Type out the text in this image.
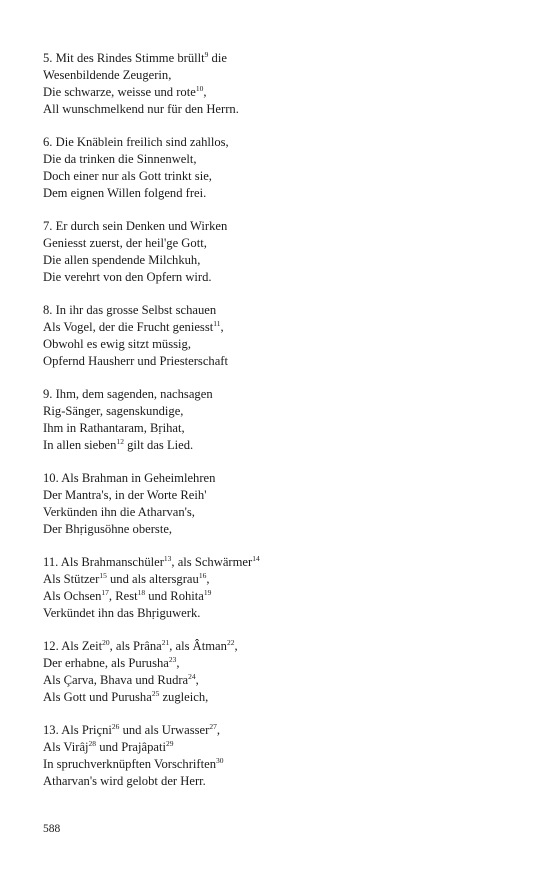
5. Mit des Rindes Stimme brüllt$^9$ die
Wesenbildende Zeugerin,
Die schwarze, weisse und rote$^{10}$,
All wunschmelkend nur für den Herrn.
6. Die Knäblein freilich sind zahllos,
Die da trinken die Sinnenwelt,
Doch einer nur als Gott trinkt sie,
Dem eignen Willen folgend frei.
7. Er durch sein Denken und Wirken
Geniesst zuerst, der heil'ge Gott,
Die allen spendende Milchkuh,
Die verehrt von den Opfern wird.
8. In ihr das grosse Selbst schauen
Als Vogel, der die Frucht geniesst$^{11}$,
Obwohl es ewig sitzt müssig,
Opfernd Hausherr und Priesterschaft
9. Ihm, dem sagenden, nachsagen
Rig-Sänger, sagenskundige,
Ihm in Rathantaram, Bṛihat,
In allen sieben$^{12}$ gilt das Lied.
10. Als Brahman in Geheimlehren
Der Mantra's, in der Worte Reih'
Verkünden ihn die Atharvan's,
Der Bhṛigusöhne oberste,
11. Als Brahmanschüler$^{13}$, als Schwärmer$^{14}$
Als Stützer$^{15}$ und als altersgrau$^{16}$,
Als Ochsen$^{17}$, Rest$^{18}$ und Rohita$^{19}$
Verkündet ihn das Bhṛiguwerk.
12. Als Zeit$^{20}$, als Prâna$^{21}$, als Âtman$^{22}$,
Der erhabne, als Purusha$^{23}$,
Als Çarva, Bhava und Rudra$^{24}$,
Als Gott und Purusha$^{25}$ zugleich,
13. Als Priçni$^{26}$ und als Urwasser$^{27}$,
Als Virâj$^{28}$ und Prajâpati$^{29}$
In spruchverknüpften Vorschriften$^{30}$
Atharvan's wird gelobt der Herr.
588
